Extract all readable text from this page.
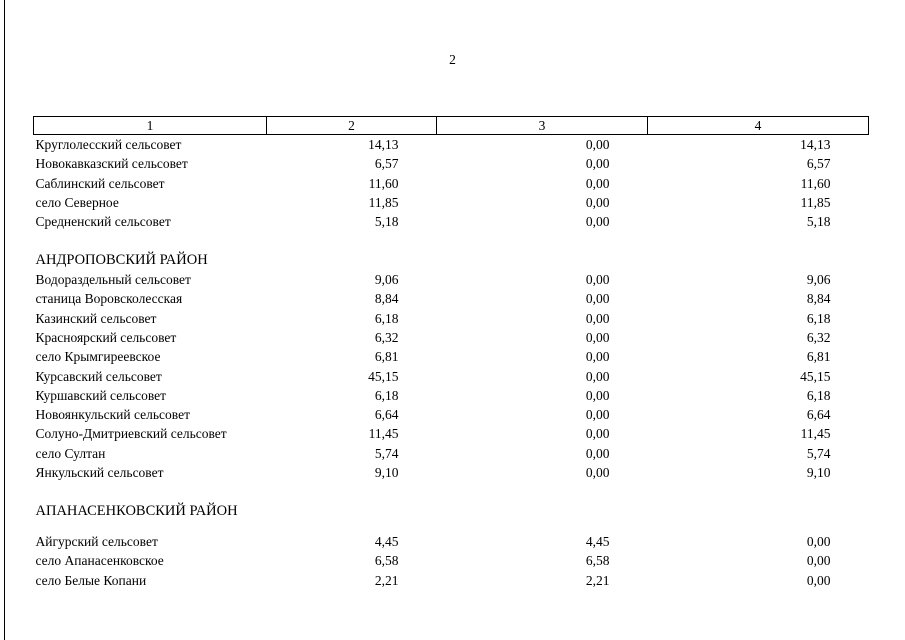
2
1	2	3	4
Круглолесский сельсовет	14,13	0,00	14,13
Новокавказский сельсовет	6,57	0,00	6,57
Саблинский сельсовет	11,60	0,00	11,60
село Северное	11,85	0,00	11,85
Средненский сельсовет	5,18	0,00	5,18

АНДРОПОВСКИЙ РАЙОН			
Водораздельный сельсовет	9,06	0,00	9,06
станица Воровсколесская	8,84	0,00	8,84
Казинский сельсовет	6,18	0,00	6,18
Красноярский сельсовет	6,32	0,00	6,32
село Крымгиреевское	6,81	0,00	6,81
Курсавский сельсовет	45,15	0,00	45,15
Куршавский сельсовет	6,18	0,00	6,18
Новоянкульский сельсовет	6,64	0,00	6,64
Солуно-Дмитриевский сельсовет	11,45	0,00	11,45
село Султан	5,74	0,00	5,74
Янкульский сельсовет	9,10	0,00	9,10

АПАНАСЕНКОВСКИЙ РАЙОН			

Айгурский сельсовет	4,45	4,45	0,00
село Апанасенковское	6,58	6,58	0,00
село Белые Копани	2,21	2,21	0,00
